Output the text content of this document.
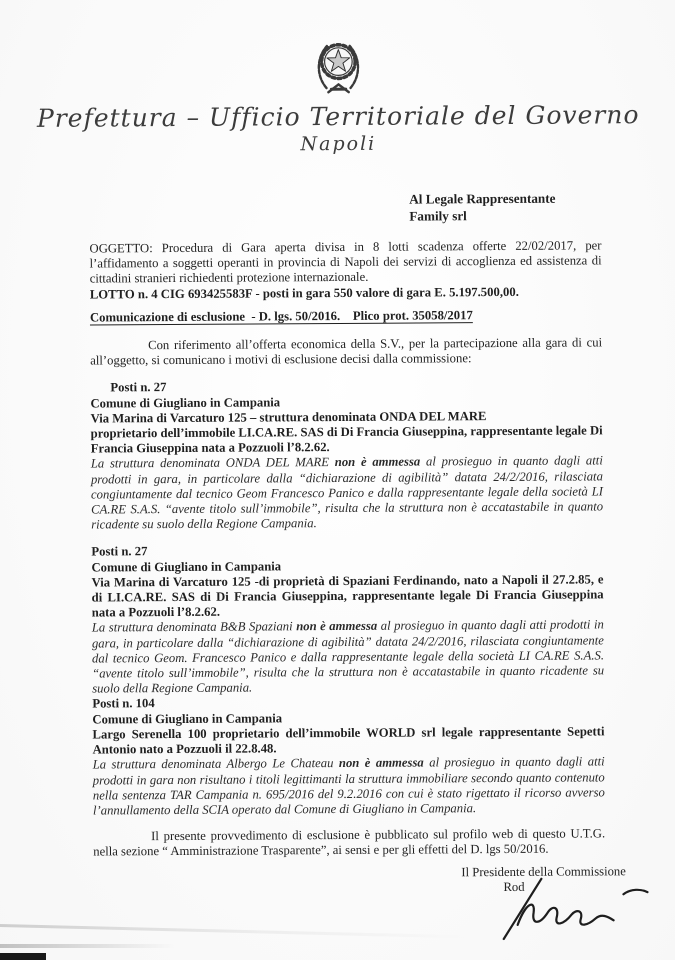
Prefettura – Ufficio Territoriale del Governo
Napoli
Al Legale Rappresentante
Family srl

OGGETTO: Procedura di Gara aperta divisa in 8 lotti scadenza offerte 22/02/2017, per l’affidamento a soggetti operanti in provincia di Napoli dei servizi di accoglienza ed assistenza di cittadini stranieri richiedenti protezione internazionale.

LOTTO n. 4 CIG 693425583F - posti in gara 550 valore di gara E. 5.197.500,00.

Comunicazione di esclusione  - D. lgs. 50/2016.    Plico prot. 35058/2017

Con riferimento all’offerta economica della S.V., per la partecipazione alla gara di cui all’oggetto, si comunicano i motivi di esclusione decisi dalla commissione:

Posti n. 27

Comune di Giugliano in Campania

Via Marina di Varcaturo 125 – struttura denominata ONDA DEL MARE

proprietario dell’immobile LI.CA.RE. SAS di Di Francia Giuseppina, rappresentante legale Di Francia Giuseppina nata a Pozzuoli l’8.2.62.

La struttura denominata ONDA DEL MARE non è ammessa al prosieguo in quanto dagli atti prodotti in gara, in particolare dalla “dichiarazione di agibilità” datata 24/2/2016, rilasciata congiuntamente dal tecnico Geom Francesco Panico e dalla rappresentante legale della società LI CA.RE S.A.S. “avente titolo sull’immobile”, risulta che la struttura non è accatastabile in quanto ricadente su suolo della Regione Campania.

Posti n. 27

Comune di Giugliano in Campania

Via Marina di Varcaturo 125 -di proprietà di Spaziani Ferdinando, nato a Napoli il 27.2.85, e di LI.CA.RE. SAS di Di Francia Giuseppina, rappresentante legale Di Francia Giuseppina nata a Pozzuoli l’8.2.62.

La struttura denominata B&B Spaziani non è ammessa al prosieguo in quanto dagli atti prodotti in gara, in particolare dalla “dichiarazione di agibilità” datata 24/2/2016, rilasciata congiuntamente dal tecnico Geom. Francesco Panico e dalla rappresentante legale della società LI CA.RE S.A.S. “avente titolo sull’immobile”, risulta che la struttura non è accatastabile in quanto ricadente su suolo della Regione Campania.

Posti n. 104

Comune di Giugliano in Campania

Largo Serenella 100 proprietario dell’immobile WORLD srl legale rappresentante Sepetti Antonio nato a Pozzuoli il 22.8.48.

La struttura denominata Albergo Le Chateau non è ammessa al prosieguo in quanto dagli atti prodotti in gara non risultano i titoli legittimanti la struttura immobiliare secondo quanto contenuto nella sentenza TAR Campania n. 695/2016 del 9.2.2016 con cui è stato rigettato il ricorso avverso l’annullamento della SCIA operato dal Comune di Giugliano in Campania.

Il presente provvedimento di esclusione è pubblicato sul profilo web di questo U.T.G. nella sezione “ Amministrazione Trasparente”, ai sensi e per gli effetti del D. lgs 50/2016.

Il Presidente della Commissione
Rod
